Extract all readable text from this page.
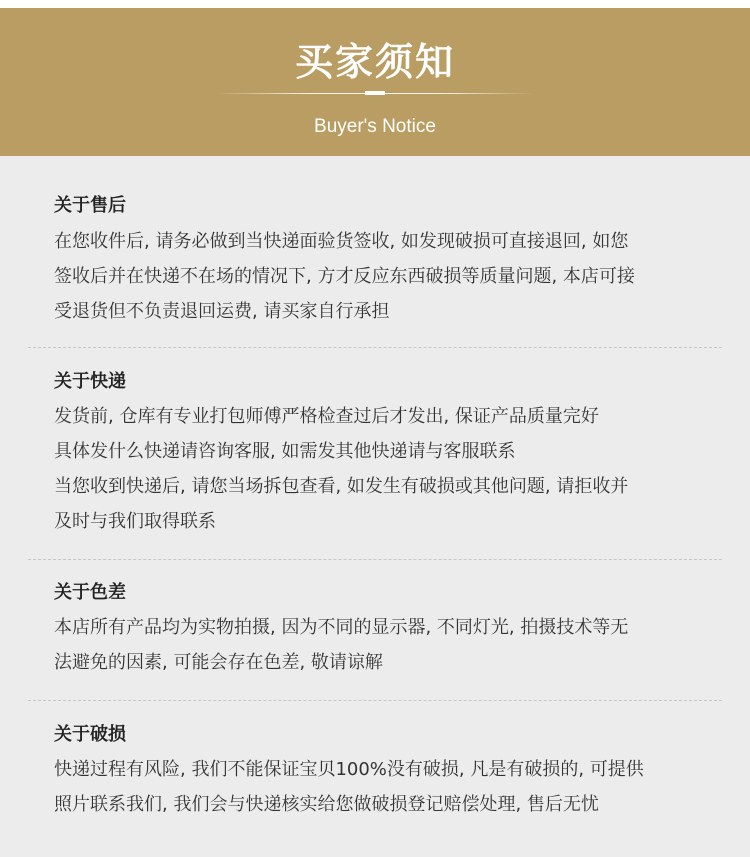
买家须知
Buyer's Notice
关于售后

在您收件后, 请务必做到当快递面验货签收, 如发现破损可直接退回, 如您
签收后并在快递不在场的情况下, 方才反应东西破损等质量问题, 本店可接
受退货但不负责退回运费, 请买家自行承担

关于快递

发货前, 仓库有专业打包师傅严格检查过后才发出, 保证产品质量完好
具体发什么快递请咨询客服, 如需发其他快递请与客服联系
当您收到快递后, 请您当场拆包查看, 如发生有破损或其他问题, 请拒收并
及时与我们取得联系

关于色差

本店所有产品均为实物拍摄, 因为不同的显示器, 不同灯光, 拍摄技术等无
法避免的因素, 可能会存在色差, 敬请谅解

关于破损

快递过程有风险, 我们不能保证宝贝100%没有破损, 凡是有破损的, 可提供
照片联系我们, 我们会与快递核实给您做破损登记赔偿处理, 售后无忧
